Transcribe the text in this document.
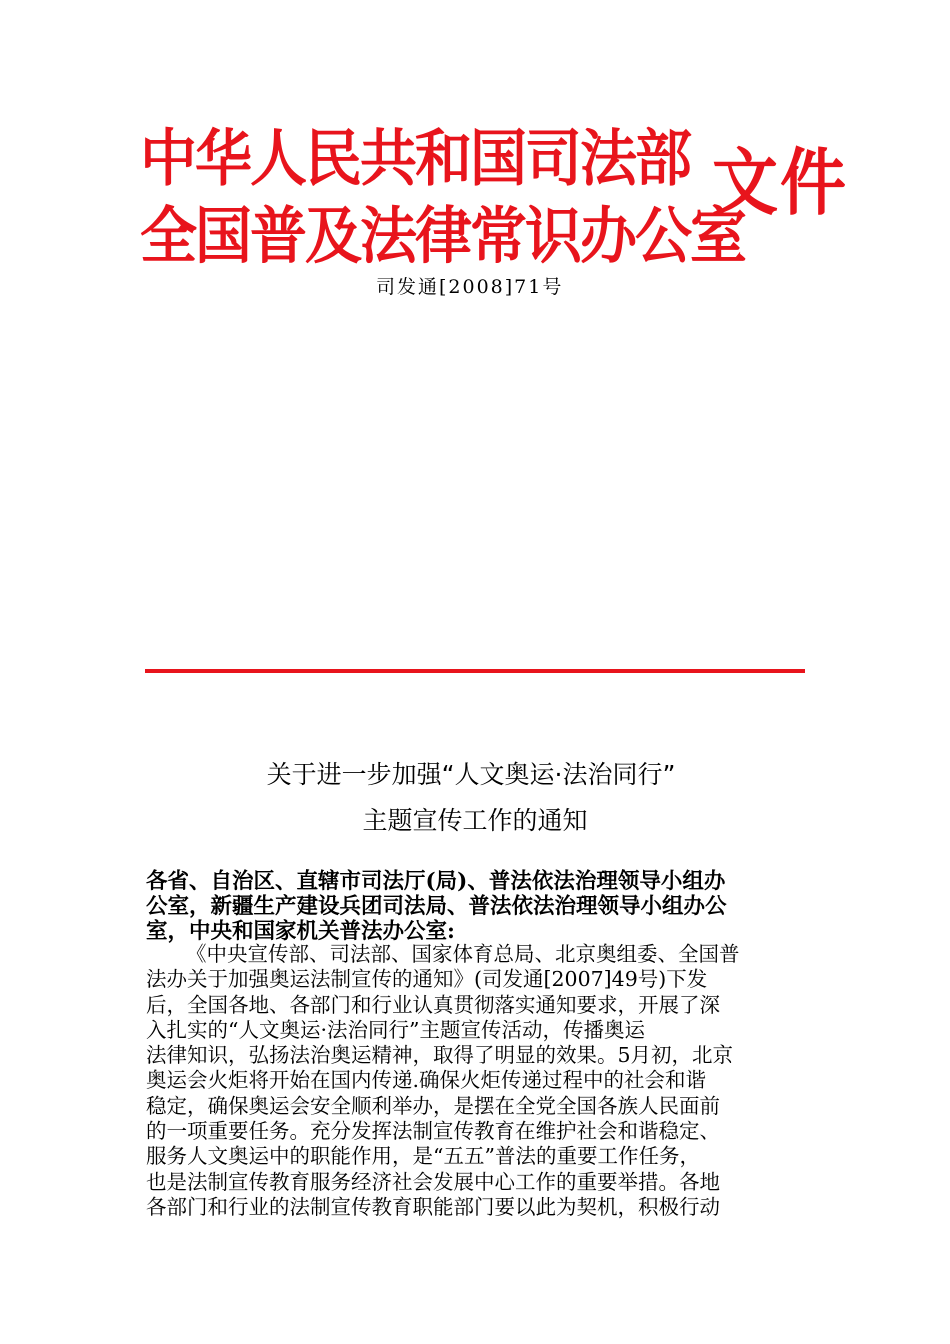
中华人民共和国司法部
全国普及法律常识办公室
文件
司发通[2008]71号
关于进一步加强“人文奥运·法治同行”
主题宣传工作的通知
各省、自治区、直辖市司法厅(局)、普法依法治理领导小组办
公室，新疆生产建设兵团司法局、普法依法治理领导小组办公
室，中央和国家机关普法办公室:
《中央宣传部、司法部、国家体育总局、北京奥组委、全国普
法办关于加强奥运法制宣传的通知》(司发通[2007]49号)下发
后，全国各地、各部门和行业认真贯彻落实通知要求，开展了深
入扎实的“人文奥运·法治同行”主题宣传活动，传播奥运
法律知识，弘扬法治奥运精神，取得了明显的效果。5月初，北京
奥运会火炬将开始在国内传递.确保火炬传递过程中的社会和谐
稳定，确保奥运会安全顺利举办，是摆在全党全国各族人民面前
的一项重要任务。充分发挥法制宣传教育在维护社会和谐稳定、
服务人文奥运中的职能作用，是“五五”普法的重要工作任务，
也是法制宣传教育服务经济社会发展中心工作的重要举措。各地
各部门和行业的法制宣传教育职能部门要以此为契机，积极行动
